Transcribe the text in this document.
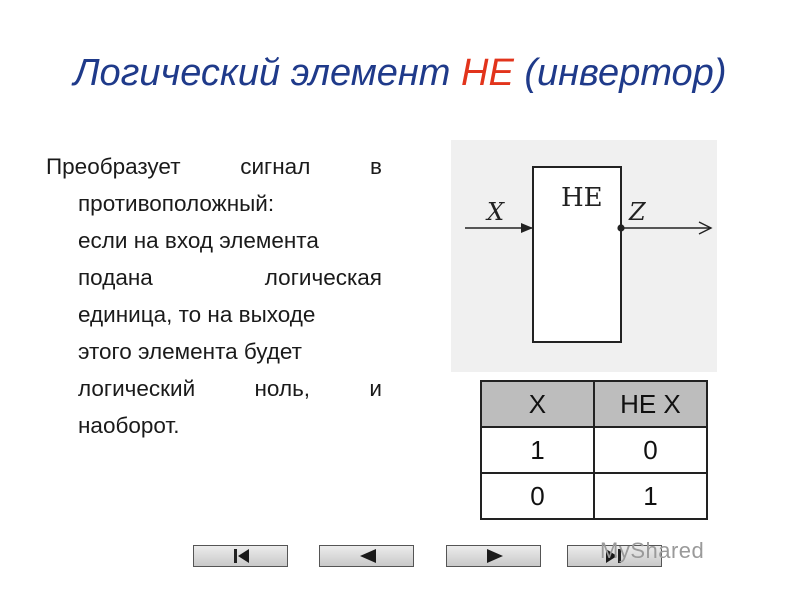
Логический элемент НЕ (инвертор)
Преобразует	сигнал	в
противоположный:
если на вход элемента
подана	логическая
единица, то на выходе
этого элемента будет
логический	ноль,	и
наоборот.
НЕ
X	Z
X	НЕ X
1	0
0	1
MyShared
